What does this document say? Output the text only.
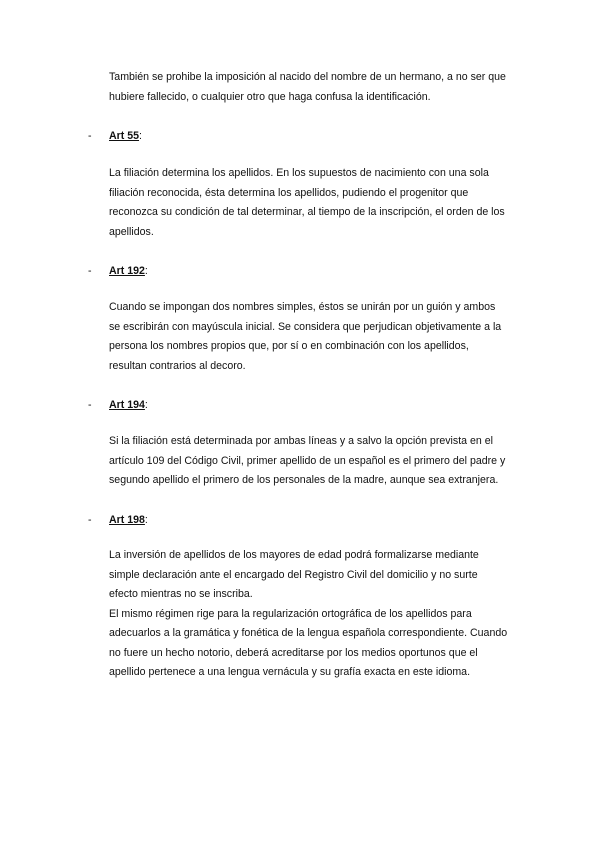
También se prohibe la imposición al nacido del nombre de un hermano, a no ser que
hubiere fallecido, o cualquier otro que haga confusa la identificación.

- Art 55:

La filiación determina los apellidos. En los supuestos de nacimiento con una sola
filiación reconocida, ésta determina los apellidos, pudiendo el progenitor que
reconozca su condición de tal determinar, al tiempo de la inscripción, el orden de los
apellidos.

- Art 192:

Cuando se impongan dos nombres simples, éstos se unirán por un guión y ambos
se escribirán con mayúscula inicial. Se considera que perjudican objetivamente a la
persona los nombres propios que, por sí o en combinación con los apellidos,
resultan contrarios al decoro.

- Art 194:

Si la filiación está determinada por ambas líneas y a salvo la opción prevista en el
artículo 109 del Código Civil, primer apellido de un español es el primero del padre y
segundo apellido el primero de los personales de la madre, aunque sea extranjera.

- Art 198:

La inversión de apellidos de los mayores de edad podrá formalizarse mediante
simple declaración ante el encargado del Registro Civil del domicilio y no surte
efecto mientras no se inscriba.
El mismo régimen rige para la regularización ortográfica de los apellidos para
adecuarlos a la gramática y fonética de la lengua española correspondiente. Cuando
no fuere un hecho notorio, deberá acreditarse por los medios oportunos que el
apellido pertenece a una lengua vernácula y su grafía exacta en este idioma.
